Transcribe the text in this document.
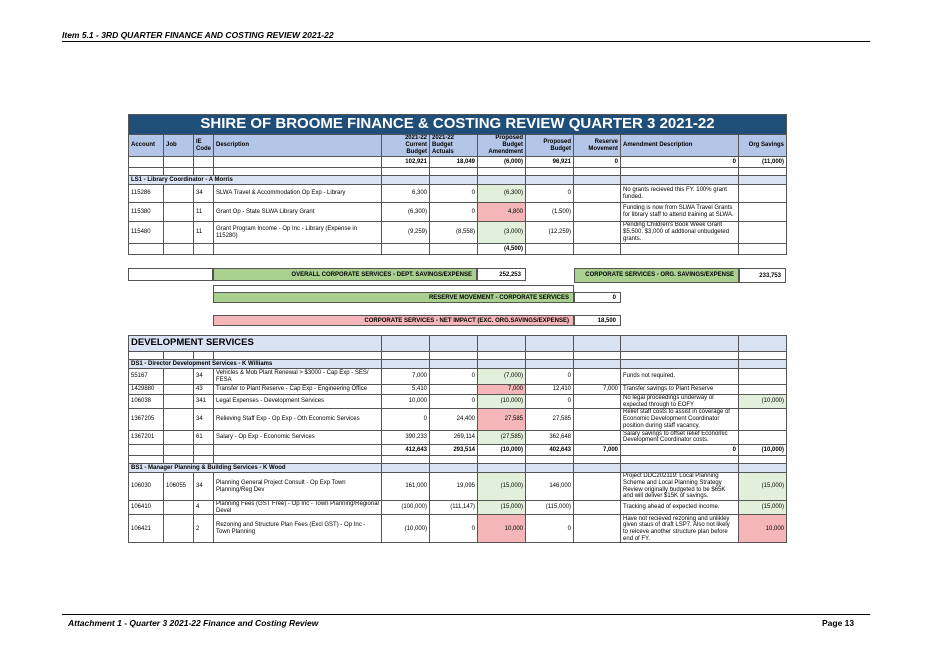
Item 5.1 - 3RD QUARTER FINANCE AND COSTING REVIEW 2021-22
SHIRE OF BROOME FINANCE & COSTING REVIEW QUARTER 3 2021-22										
Account	Job	IE Code	Description	2021-22 Current Budget	2021-22 Budget Actuals	Proposed Budget Amendment	Proposed Budget	Reserve Movement	Amendment Description	Org Savings
				102,921	18,049	(6,000)	96,921	0	0	(11,000)

LS1 - Library Coordinator - A Morris										
115286		34	SLWA Travel & Accommodation Op Exp - Library	6,300	0	(6,300)	0		No grants recieved this FY. 100% grant funded.	
115380		11	Grant Op - State SLWA Library Grant	(6,300)	0	4,800	(1,500)		Funding is now from SLWA Travel Grants for library staff to attend training at SLWA.	
115480		11	Grant Program Income - Op Inc - Library (Expense in 115280)	(9,259)	(8,558)	(3,000)	(12,259)		Pending Children's Book Week Grant $5,500. $3,000 of addtional unbudgeted grants.	
						(4,500)				
OVERALL CORPORATE SERVICES - DEPT. SAVINGS/EXPENSE	252,253	CORPORATE SERVICES - ORG. SAVINGS/EXPENSE	233,753
RESERVE MOVEMENT - CORPORATE SERVICES	0
CORPORATE SERVICES - NET IMPACT (EXC. ORG.SAVINGS/EXPENSE)	18,500
DEVELOPMENT SERVICES										

DS1 - Director Development Services - K Williams										
55167		34	Vehicles & Mob Plant Renewal > $3000 - Cap Exp - SES/ FESA	7,000	0	(7,000)	0		Funds not required.	
1429880		43	Transfer to Plant Reserve - Cap Exp - Engineering Office	5,410		7,000	12,410	7,000	Transfer savings to Plant Reserve	
106038		341	Legal Expenses - Development Services	10,000	0	(10,000)	0		No legal proceedings underway or expected through to EOFY	(10,000)
1367205		34	Relieving Staff Exp - Op Exp - Oth Economic Services	0	24,400	27,585	27,585		Relief staff costs to assist in coverage of Economic Development Coordinator position during staff vacancy.	
1367201		61	Salary - Op Exp - Economic Services	390,233	269,114	(27,585)	362,648		Salary savings to offset relief Economic Development Coordinator costs.	
				412,643	293,514	(10,000)	402,643	7,000	0	(10,000)

BS1 - Manager Planning & Building Services - K Wood										
106030	106055	34	Planning General Project Consult - Op Exp Town Planning/Reg Dev	161,000	19,095	(15,000)	146,000		Project DDC202119: Local Planning Scheme and Local Planning Strategy Review originally budgeted to be $65K and will deliver $15K of savings.	(15,000)
106410		4	Planning Fees (GST Free) - Op Inc - Town Planning/Regional Devel	(100,000)	(111,147)	(15,000)	(115,000)		Tracking ahead of expected income.	(15,000)
106421		2	Rezoning and Structure Plan Fees (Excl GST) - Op Inc - Town Planning	(10,000)	0	10,000	0		Have not recieved rezoning and unlikley given staus of draft LSP7. Also not likely to reiceve another structure plan before end of FY.	10,000
Attachment 1 - Quarter 3 2021-22 Finance and Costing Review	Page 13
